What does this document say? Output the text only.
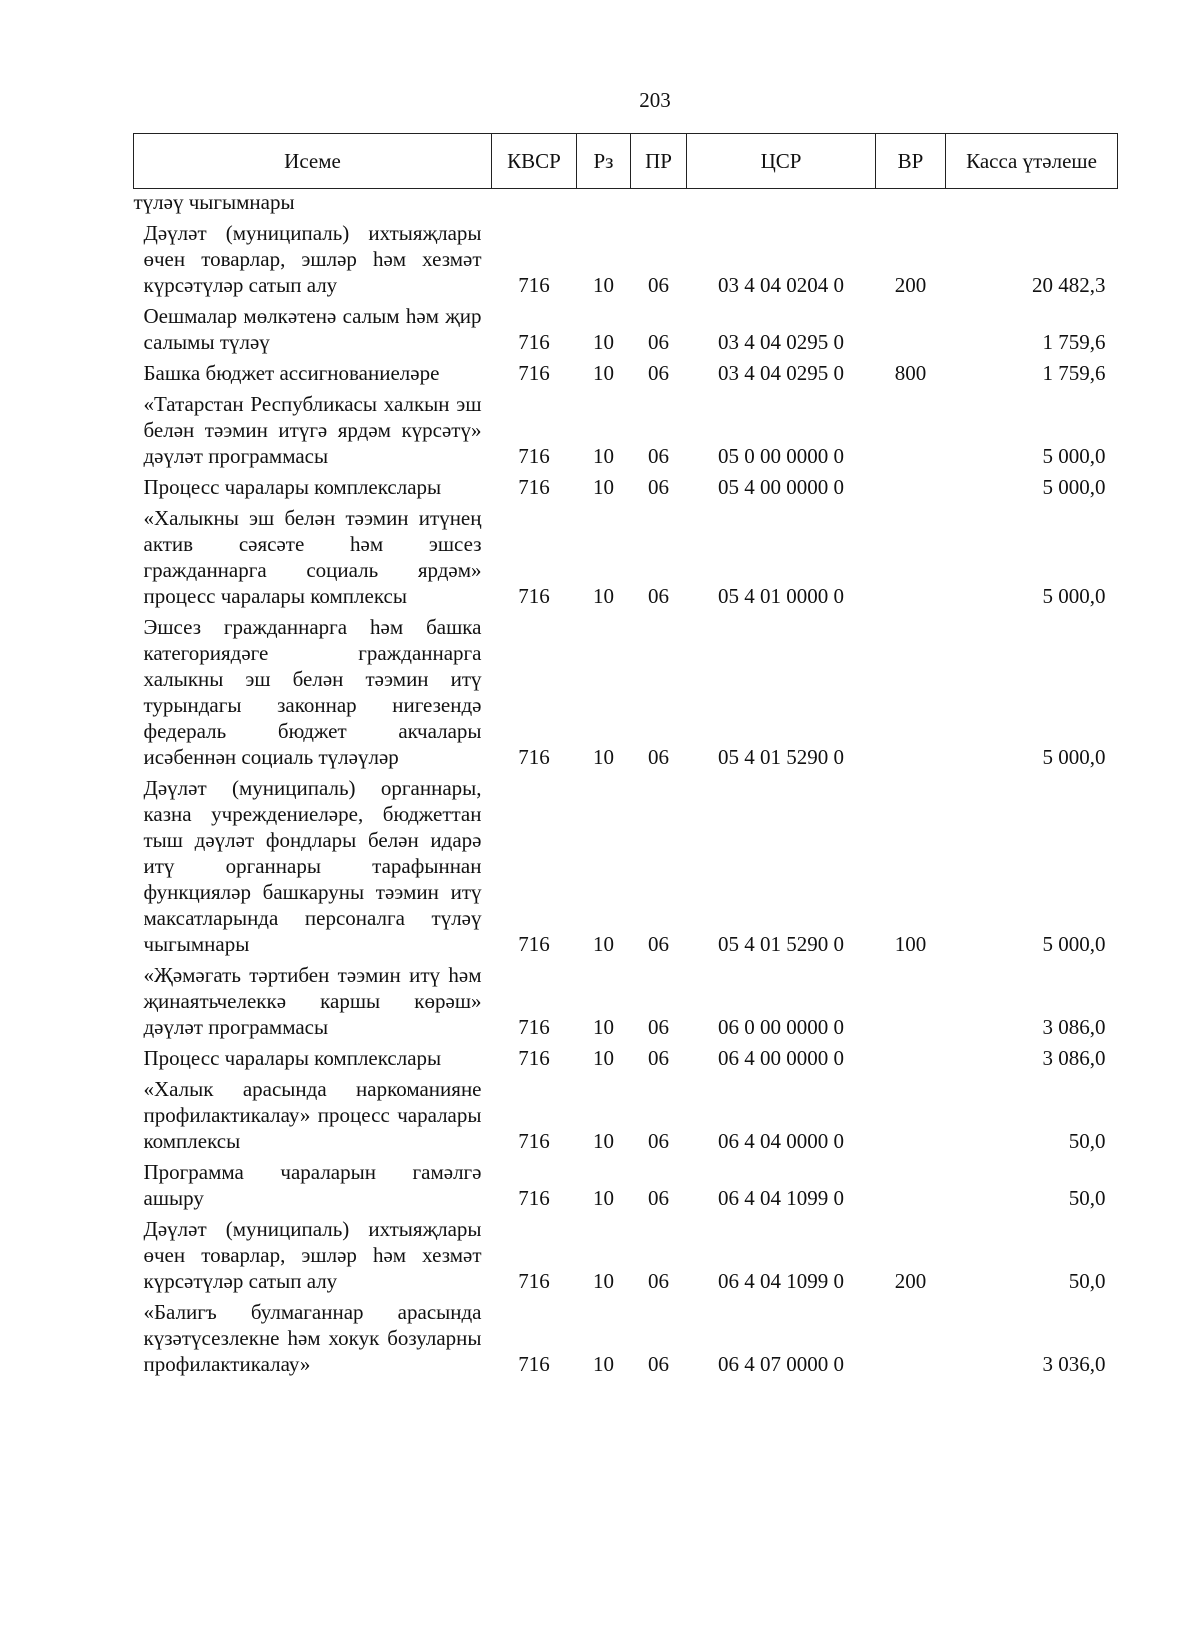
203
Исеме	КВСР	Рз	ПР	ЦСР	ВР	Касса үтәлеше
түләү чыгымнары						
Дәүләт (муниципаль) ихтыяҗлары өчен товарлар, эшләр һәм хезмәт күрсәтүләр сатып алу	716	10	06	03 4 04 0204 0	200	20 482,3
Оешмалар мөлкәтенә салым һәм җир салымы түләү	716	10	06	03 4 04 0295 0		1 759,6
Башка бюджет ассигнованиеләре	716	10	06	03 4 04 0295 0	800	1 759,6
«Татарстан Республикасы халкын эш белән тәэмин итүгә ярдәм күрсәтү» дәүләт программасы	716	10	06	05 0 00 0000 0		5 000,0
Процесс чаралары комплекслары	716	10	06	05 4 00 0000 0		5 000,0
«Халыкны эш белән тәэмин итүнең актив сәясәте һәм эшсез гражданнарга социаль ярдәм» процесс чаралары комплексы	716	10	06	05 4 01 0000 0		5 000,0
Эшсез гражданнарга һәм башка категориядәге гражданнарга халыкны эш белән тәэмин итү турындагы законнар нигезендә федераль бюджет акчалары исәбеннән социаль түләүләр	716	10	06	05 4 01 5290 0		5 000,0
Дәүләт (муниципаль) органнары, казна учреждениеләре, бюджеттан тыш дәүләт фондлары белән идарә итү органнары тарафыннан функцияләр башкаруны тәэмин итү максатларында персоналга түләү чыгымнары	716	10	06	05 4 01 5290 0	100	5 000,0
«Җәмәгать тәртибен тәэмин итү һәм җинаятьчелеккә каршы көрәш» дәүләт программасы	716	10	06	06 0 00 0000 0		3 086,0
Процесс чаралары комплекслары	716	10	06	06 4 00 0000 0		3 086,0
«Халык арасында наркоманияне профилактикалау» процесс чаралары комплексы	716	10	06	06 4 04 0000 0		50,0
Программа чараларын гамәлгә ашыру	716	10	06	06 4 04 1099 0		50,0
Дәүләт (муниципаль) ихтыяҗлары өчен товарлар, эшләр һәм хезмәт күрсәтүләр сатып алу	716	10	06	06 4 04 1099 0	200	50,0
«Балигъ булмаганнар арасында күзәтүсезлекне һәм хокук бозуларны профилактикалау»	716	10	06	06 4 07 0000 0		3 036,0
